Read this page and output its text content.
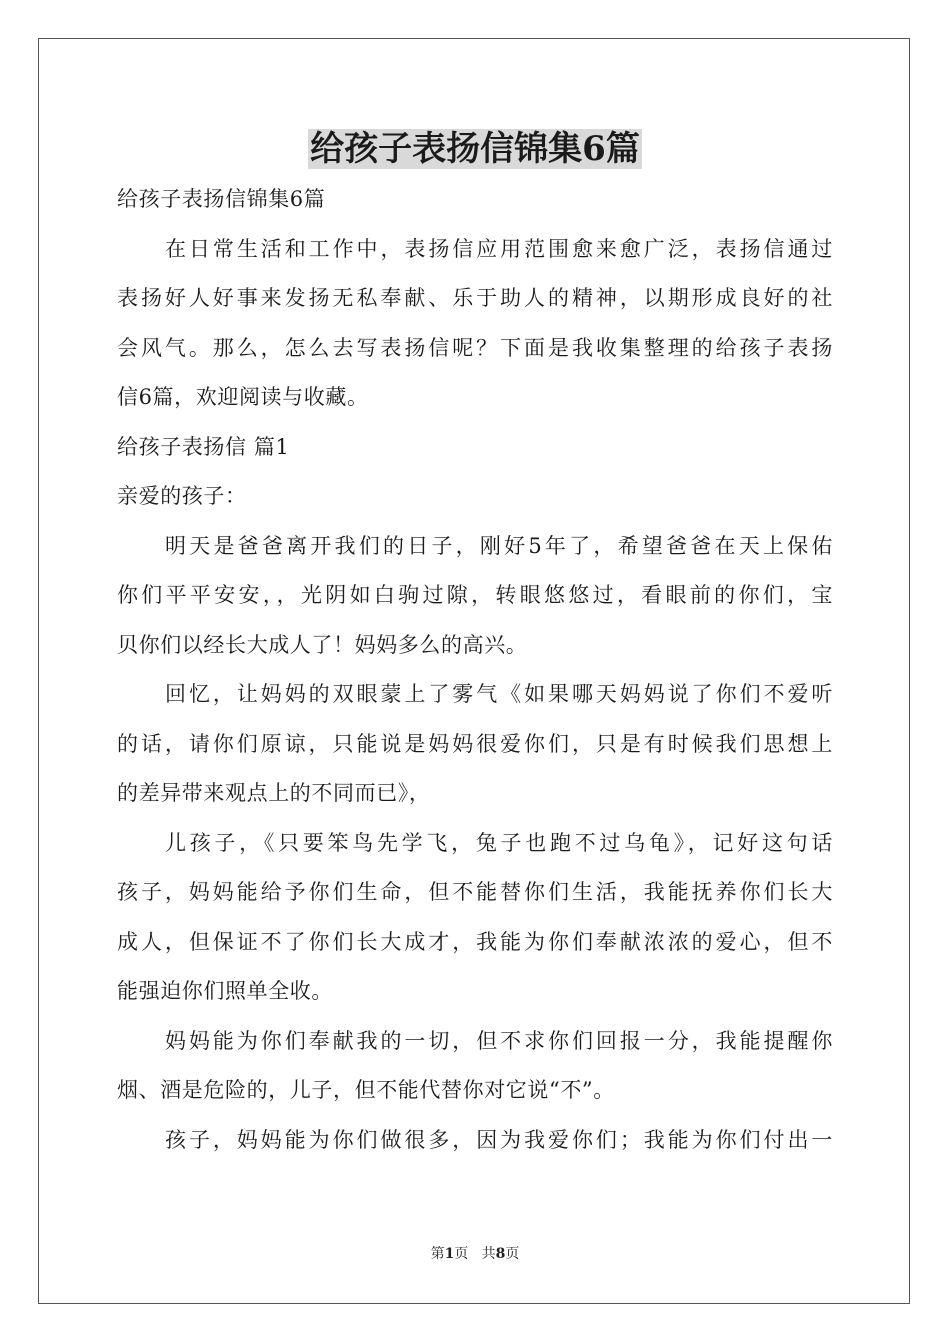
给孩子表扬信锦集6篇
给孩子表扬信锦集6篇
在日常生活和工作中，表扬信应用范围愈来愈广泛，表扬信通过
表扬好人好事来发扬无私奉献、乐于助人的精神，以期形成良好的社
会风气。那么，怎么去写表扬信呢？下面是我收集整理的给孩子表扬
信6篇，欢迎阅读与收藏。
给孩子表扬信 篇1
亲爱的孩子：
明天是爸爸离开我们的日子，刚好5年了，希望爸爸在天上保佑
你们平平安安，，光阴如白驹过隙，转眼悠悠过，看眼前的你们，宝
贝你们以经长大成人了！妈妈多么的高兴。
回忆，让妈妈的双眼蒙上了雾气《如果哪天妈妈说了你们不爱听
的话，请你们原谅，只能说是妈妈很爱你们，只是有时候我们思想上
的差异带来观点上的不同而已》，
儿孩子，《只要笨鸟先学飞，兔子也跑不过乌龟》，记好这句话
孩子，妈妈能给予你们生命，但不能替你们生活，我能抚养你们长大
成人，但保证不了你们长大成才，我能为你们奉献浓浓的爱心，但不
能强迫你们照单全收。
妈妈能为你们奉献我的一切，但不求你们回报一分，我能提醒你
烟、酒是危险的，儿子，但不能代替你对它说“不”。
孩子，妈妈能为你们做很多，因为我爱你们；我能为你们付出一
第1页 共8页
